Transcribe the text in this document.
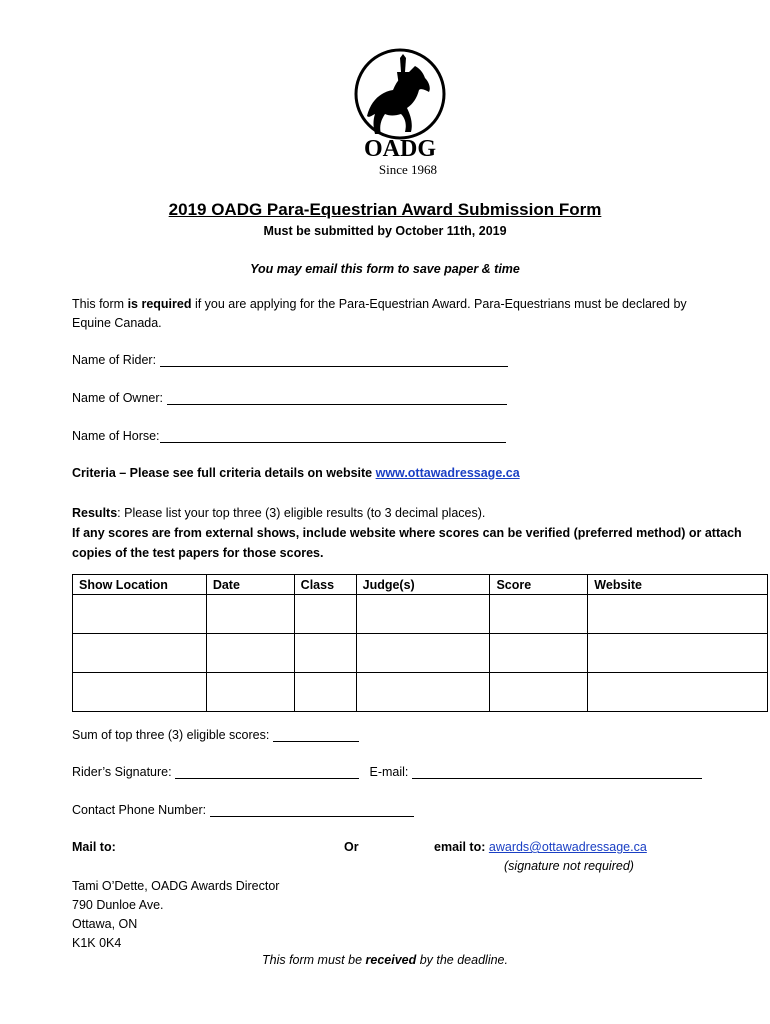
OADG
Since 1968
2019 OADG Para-Equestrian Award Submission Form
Must be submitted by October 11th, 2019
You may email this form to save paper & time
This form is required if you are applying for the Para-Equestrian Award. Para-Equestrians must be declared by Equine Canada.
Name of Rider:
Name of Owner:
Name of Horse:
Criteria – Please see full criteria details on website www.ottawadressage.ca
Results: Please list your top three (3) eligible results (to 3 decimal places).
If any scores are from external shows, include website where scores can be verified (preferred method) or attach copies of the test papers for those scores.
Show Location	Date	Class	Judge(s)	Score	Website

Sum of top three (3) eligible scores:
Rider’s Signature:	E-mail:
Contact Phone Number:
Mail to:	Or	email to: awards@ottawadressage.ca
(signature not required)
Tami O’Dette, OADG Awards Director
790 Dunloe Ave.
Ottawa, ON
K1K 0K4
This form must be received by the deadline.
